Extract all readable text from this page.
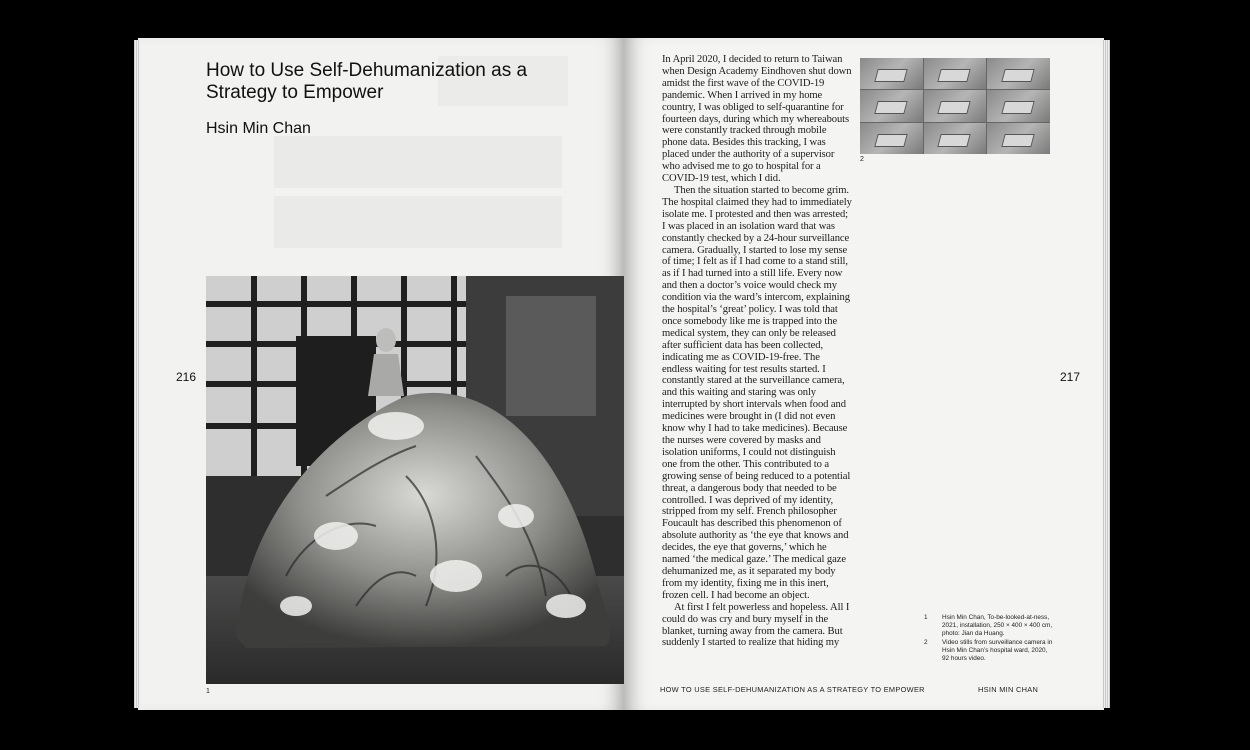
How to Use Self-Dehumanization as a Strategy to Empower
Hsin Min Chan
216
1

In April 2020, I decided to return to Taiwan when Design Academy Eindhoven shut down amidst the first wave of the COVID-19 pandemic. When I arrived in my home country, I was obliged to self-quarantine for fourteen days, during which my whereabouts were constantly tracked through mobile phone data. Besides this tracking, I was placed under the authority of a supervisor who advised me to go to hospital for a COVID-19 test, which I did.

Then the situation started to become grim. The hospital claimed they had to immediately isolate me. I protested and then was arrested; I was placed in an isolation ward that was constantly checked by a 24-hour surveillance camera. Gradually, I started to lose my sense of time; I felt as if I had come to a stand still, as if I had turned into a still life. Every now and then a doctor’s voice would check my condition via the ward’s intercom, explaining the hospital’s ‘great’ policy. I was told that once somebody like me is trapped into the medical system, they can only be released after sufficient data has been collected, indicating me as COVID-19-free. The endless waiting for test results started. I constantly stared at the surveillance camera, and this waiting and staring was only interrupted by short intervals when food and medicines were brought in (I did not even know why I had to take medicines). Because the nurses were covered by masks and isolation uniforms, I could not distinguish one from the other. This contributed to a growing sense of being reduced to a potential threat, a dangerous body that needed to be controlled. I was deprived of my identity, stripped from my self. French philosopher Foucault has described this phenomenon of absolute authority as ‘the eye that knows and decides, the eye that governs,’ which he named ‘the medical gaze.’ The medical gaze dehumanized me, as it separated my body from my identity, fixing me in this inert, frozen cell. I had become an object.

At first I felt powerless and hopeless. All I could do was cry and bury myself in the blanket, turning away from the camera. But suddenly I started to realize that hiding my

2
217
1	Hsin Min Chan, To-be-looked-at-ness, 2021, installation, 250 × 400 × 400 cm, photo: Jian da Huang.
2	Video stills from surveillance camera in Hsin Min Chan’s hospital ward, 2020, 92 hours video.
HOW TO USE SELF-DEHUMANIZATION AS A STRATEGY TO EMPOWER	HSIN MIN CHAN
